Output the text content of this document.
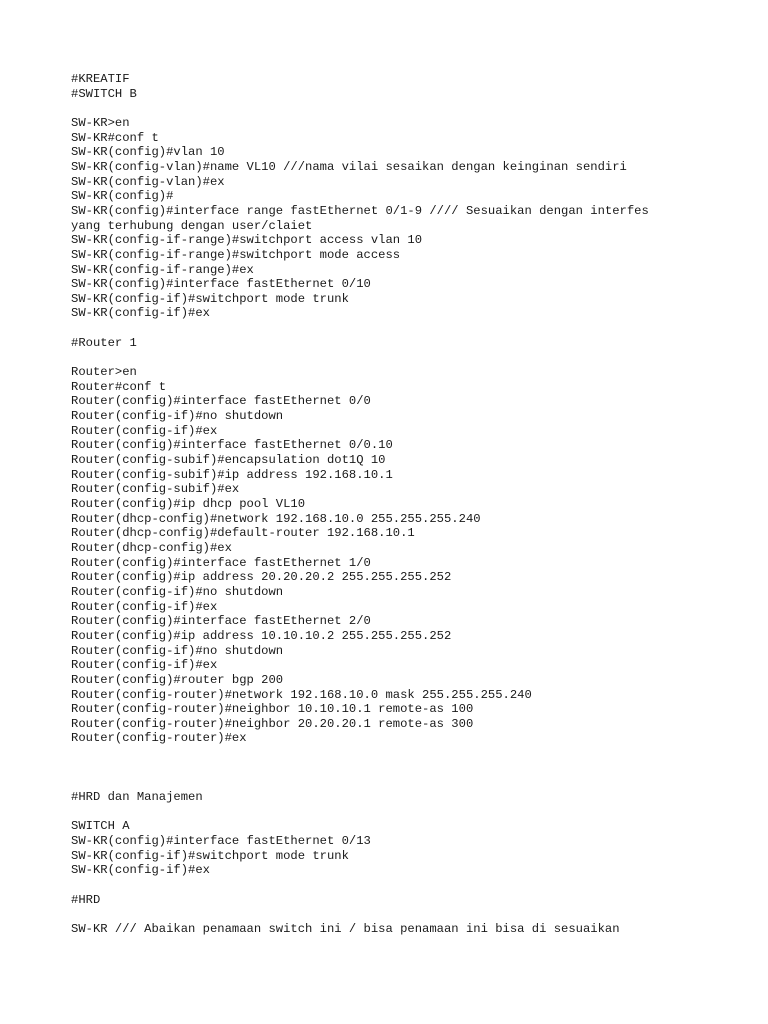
#KREATIF
#SWITCH B
SW-KR>en
SW-KR#conf t
SW-KR(config)#vlan 10
SW-KR(config-vlan)#name VL10 ///nama vilai sesaikan dengan keinginan sendiri
SW-KR(config-vlan)#ex
SW-KR(config)#
SW-KR(config)#interface range fastEthernet 0/1-9 //// Sesuaikan dengan interfes
yang terhubung dengan user/claiet
SW-KR(config-if-range)#switchport access vlan 10
SW-KR(config-if-range)#switchport mode access
SW-KR(config-if-range)#ex
SW-KR(config)#interface fastEthernet 0/10
SW-KR(config-if)#switchport mode trunk
SW-KR(config-if)#ex
#Router 1
Router>en
Router#conf t
Router(config)#interface fastEthernet 0/0
Router(config-if)#no shutdown
Router(config-if)#ex
Router(config)#interface fastEthernet 0/0.10
Router(config-subif)#encapsulation dot1Q 10
Router(config-subif)#ip address 192.168.10.1
Router(config-subif)#ex
Router(config)#ip dhcp pool VL10
Router(dhcp-config)#network 192.168.10.0 255.255.255.240
Router(dhcp-config)#default-router 192.168.10.1
Router(dhcp-config)#ex
Router(config)#interface fastEthernet 1/0
Router(config)#ip address 20.20.20.2 255.255.255.252
Router(config-if)#no shutdown
Router(config-if)#ex
Router(config)#interface fastEthernet 2/0
Router(config)#ip address 10.10.10.2 255.255.255.252
Router(config-if)#no shutdown
Router(config-if)#ex
Router(config)#router bgp 200
Router(config-router)#network 192.168.10.0 mask 255.255.255.240
Router(config-router)#neighbor 10.10.10.1 remote-as 100
Router(config-router)#neighbor 20.20.20.1 remote-as 300
Router(config-router)#ex
#HRD dan Manajemen
SWITCH A
SW-KR(config)#interface fastEthernet 0/13
SW-KR(config-if)#switchport mode trunk
SW-KR(config-if)#ex
#HRD
SW-KR /// Abaikan penamaan switch ini / bisa penamaan ini bisa di sesuaikan
